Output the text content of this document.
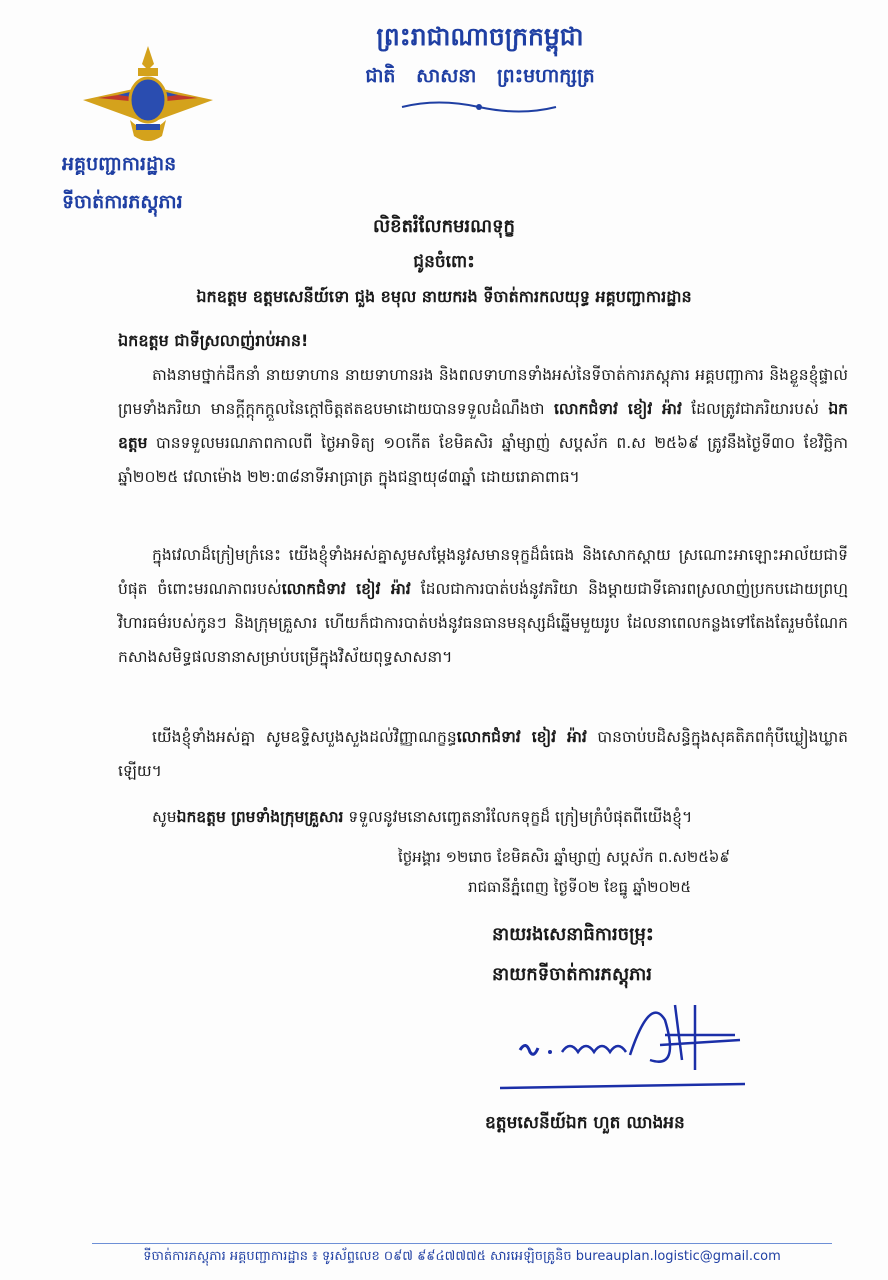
អគ្គបញ្ជាការដ្ឋាន
ទីចាត់ការភស្តុភារ
ព្រះរាជាណាចក្រកម្ពុជា
ជាតិ សាសនា ព្រះមហាក្សត្រ
លិខិតរំលែកមរណទុក្ខ
ជូនចំពោះ
ឯកឧត្តម ឧត្តមសេនីយ៍ទោ ជួង ខមុល នាយករង ទីចាត់ការកលយុទ្ធ អគ្គបញ្ជាការដ្ឋាន
ឯកឧត្តម ជាទីស្រលាញ់រាប់អាន!
តាងនាមថ្នាក់ដឹកនាំ នាយទាហាន នាយទាហានរង និងពលទាហានទាំងអស់នៃទីចាត់ការភស្តុភារ អគ្គបញ្ជាការ និងខ្លួនខ្ញុំផ្ទាល់ ព្រមទាំងភរិយា មានក្តីក្តុកក្តួលនៃក្តៅចិត្តឥតឧបមាដោយបានទទួលដំណឹងថា លោកជំទាវ ខៀវ អ៉ាវ ដែលត្រូវជាភរិយារបស់ ឯកឧត្តម បានទទួលមរណភាពកាលពី ថ្ងៃអាទិត្យ ១០កើត ខែមិគសិរ ឆ្នាំម្សាញ់ សប្តស័ក ព.ស ២៥៦៩ ត្រូវនឹងថ្ងៃទី៣០ ខែវិច្ឆិកា ឆ្នាំ២០២៥ វេលាម៉ោង ២២:៣៨នាទីអាធ្រាត្រ ក្នុងជន្មាយុ៨៣ឆ្នាំ ដោយរោគាពាធ។
ក្នុងវេលាដ៏ក្រៀមក្រំនេះ យើងខ្ញុំទាំងអស់គ្នាសូមសម្តែងនូវសមានទុក្ខដ៏ធំធេង និងសោកស្តាយ ស្រណោះអាឡោះអាល័យជាទីបំផុត ចំពោះមរណភាពរបស់លោកជំទាវ ខៀវ អ៉ាវ ដែលជាការបាត់បង់នូវភរិយា និងម្តាយជាទីគោរពស្រលាញ់ប្រកបដោយព្រហ្មវិហារធម៌របស់កូនៗ និងក្រុមគ្រួសារ ហើយក៏ជាការបាត់បង់នូវធនធានមនុស្សដ៏ឆ្នើមមួយរូប ដែលនាពេលកន្លងទៅតែងតែរួមចំណែកកសាងសមិទ្ធផលនានាសម្រាប់បម្រើក្នុងវិស័យពុទ្ធសាសនា។
យើងខ្ញុំទាំងអស់គ្នា សូមឧទ្ទិសបួងសួងដល់វិញ្ញាណក្ខន្ធលោកជំទាវ ខៀវ អ៉ាវ បានចាប់បដិសន្ធិក្នុងសុគតិភពកុំបីឃ្លៀងឃ្លាតឡើយ។
សូមឯកឧត្តម ព្រមទាំងក្រុមគ្រួសារ ទទួលនូវមនោសញ្ចេតនារំលែកទុក្ខដ៏ ក្រៀមក្រំបំផុតពីយើងខ្ញុំ។
ថ្ងៃអង្គារ ១២រោច ខែមិគសិរ ឆ្នាំម្សាញ់ សប្តស័ក ព.ស២៥៦៩
រាជធានីភ្នំពេញ ថ្ងៃទី០២ ខែធ្នូ ឆ្នាំ២០២៥
នាយរងសេនាធិការចម្រុះ
នាយកទីចាត់ការភស្តុភារ
ឧត្តមសេនីយ៍ឯក ហួត ឈាងអន
ទីចាត់ការភស្តុភារ អគ្គបញ្ជាការដ្ឋាន ៖ ទូរស័ព្ទលេខ ០៩៧ ៩៩៤៧៧៧៥ សារអេឡិចត្រូនិច bureauplan.logistic@gmail.com
